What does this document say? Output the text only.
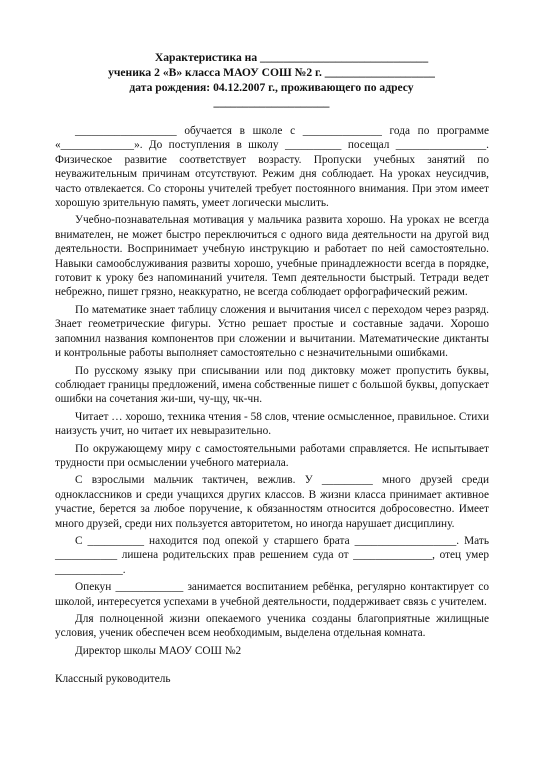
Характеристика на _____________________________
ученика 2 «В» класса МАОУ СОШ №2 г. ___________________
дата рождения: 04.12.2007 г., проживающего по адресу
____________________

__________________ обучается в школе с ______________ года по программе «_____________». До поступления в школу __________ посещал ________________. Физическое развитие соответствует возрасту. Пропуски учебных занятий по неуважительным причинам отсутствуют. Режим дня соблюдает. На уроках неусидчив, часто отвлекается. Со стороны учителей требует постоянного внимания. При этом имеет хорошую зрительную память, умеет логически мыслить.

Учебно-познавательная мотивация у мальчика развита хорошо. На уроках не всегда внимателен, не может быстро переключиться с одного вида деятельности на другой вид деятельности. Воспринимает учебную инструкцию и работает по ней самостоятельно. Навыки самообслуживания развиты хорошо, учебные принадлежности всегда в порядке, готовит к уроку без напоминаний учителя. Темп деятельности быстрый. Тетради ведет небрежно, пишет грязно, неаккуратно, не всегда соблюдает орфографический режим.

По математике знает таблицу сложения и вычитания чисел с переходом через разряд. Знает геометрические фигуры. Устно решает простые и составные задачи. Хорошо запомнил названия компонентов при сложении и вычитании. Математические диктанты и контрольные работы выполняет самостоятельно с незначительными ошибками.

По русскому языку при списывании или под диктовку может пропустить буквы, соблюдает границы предложений, имена собственные пишет с большой буквы, допускает ошибки на сочетания жи-ши, чу-щу, чк-чн.

Читает … хорошо, техника чтения - 58 слов, чтение осмысленное, правильное. Стихи наизусть учит, но читает их невыразительно.

По окружающему миру с самостоятельными работами справляется. Не испытывает трудности при осмыслении учебного материала.

С взрослыми мальчик тактичен, вежлив. У _________ много друзей среди одноклассников и среди учащихся других классов. В жизни класса принимает активное участие, берется за любое поручение, к обязанностям относится добросовестно. Имеет много друзей, среди них пользуется авторитетом, но иногда нарушает дисциплину.

С __________ находится под опекой у старшего брата __________________. Мать ___________ лишена родительских прав решением суда от ______________, отец умер ____________.

Опекун ____________ занимается воспитанием ребёнка, регулярно контактирует со школой, интересуется успехами в учебной деятельности, поддерживает связь с учителем.

Для полноценной жизни опекаемого ученика созданы благоприятные жилищные условия, ученик обеспечен всем необходимым, выделена отдельная комната.

Директор школы МАОУ СОШ №2

Классный руководитель
